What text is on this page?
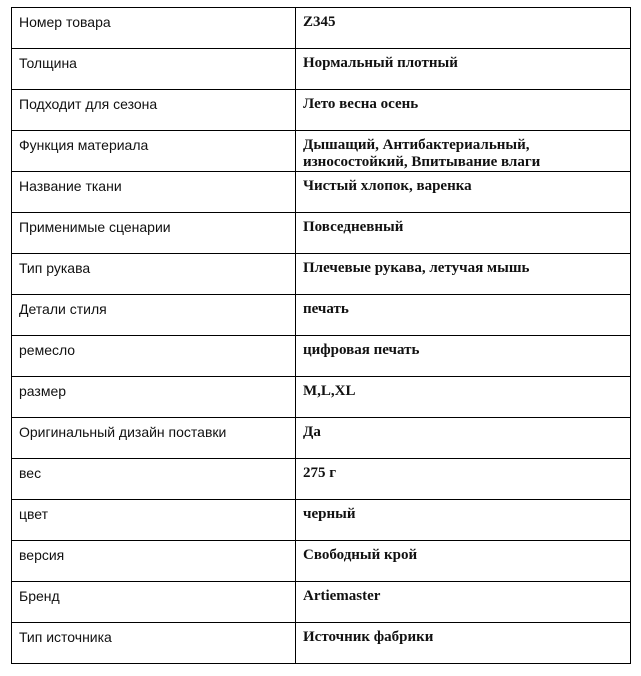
Номер товара	Z345
Толщина	Нормальный плотный
Подходит для сезона	Лето весна осень
Функция материала	Дышащий, Антибактериальный, износостойкий, Впитывание влаги
Название ткани	Чистый хлопок, варенка
Применимые сценарии	Повседневный
Тип рукава	Плечевые рукава, летучая мышь
Детали стиля	печать
ремесло	цифровая печать
размер	M,L,XL
Оригинальный дизайн поставки	Да
вес	275 г
цвет	черный
версия	Свободный крой
Бренд	Artiemaster
Тип источника	Источник фабрики
